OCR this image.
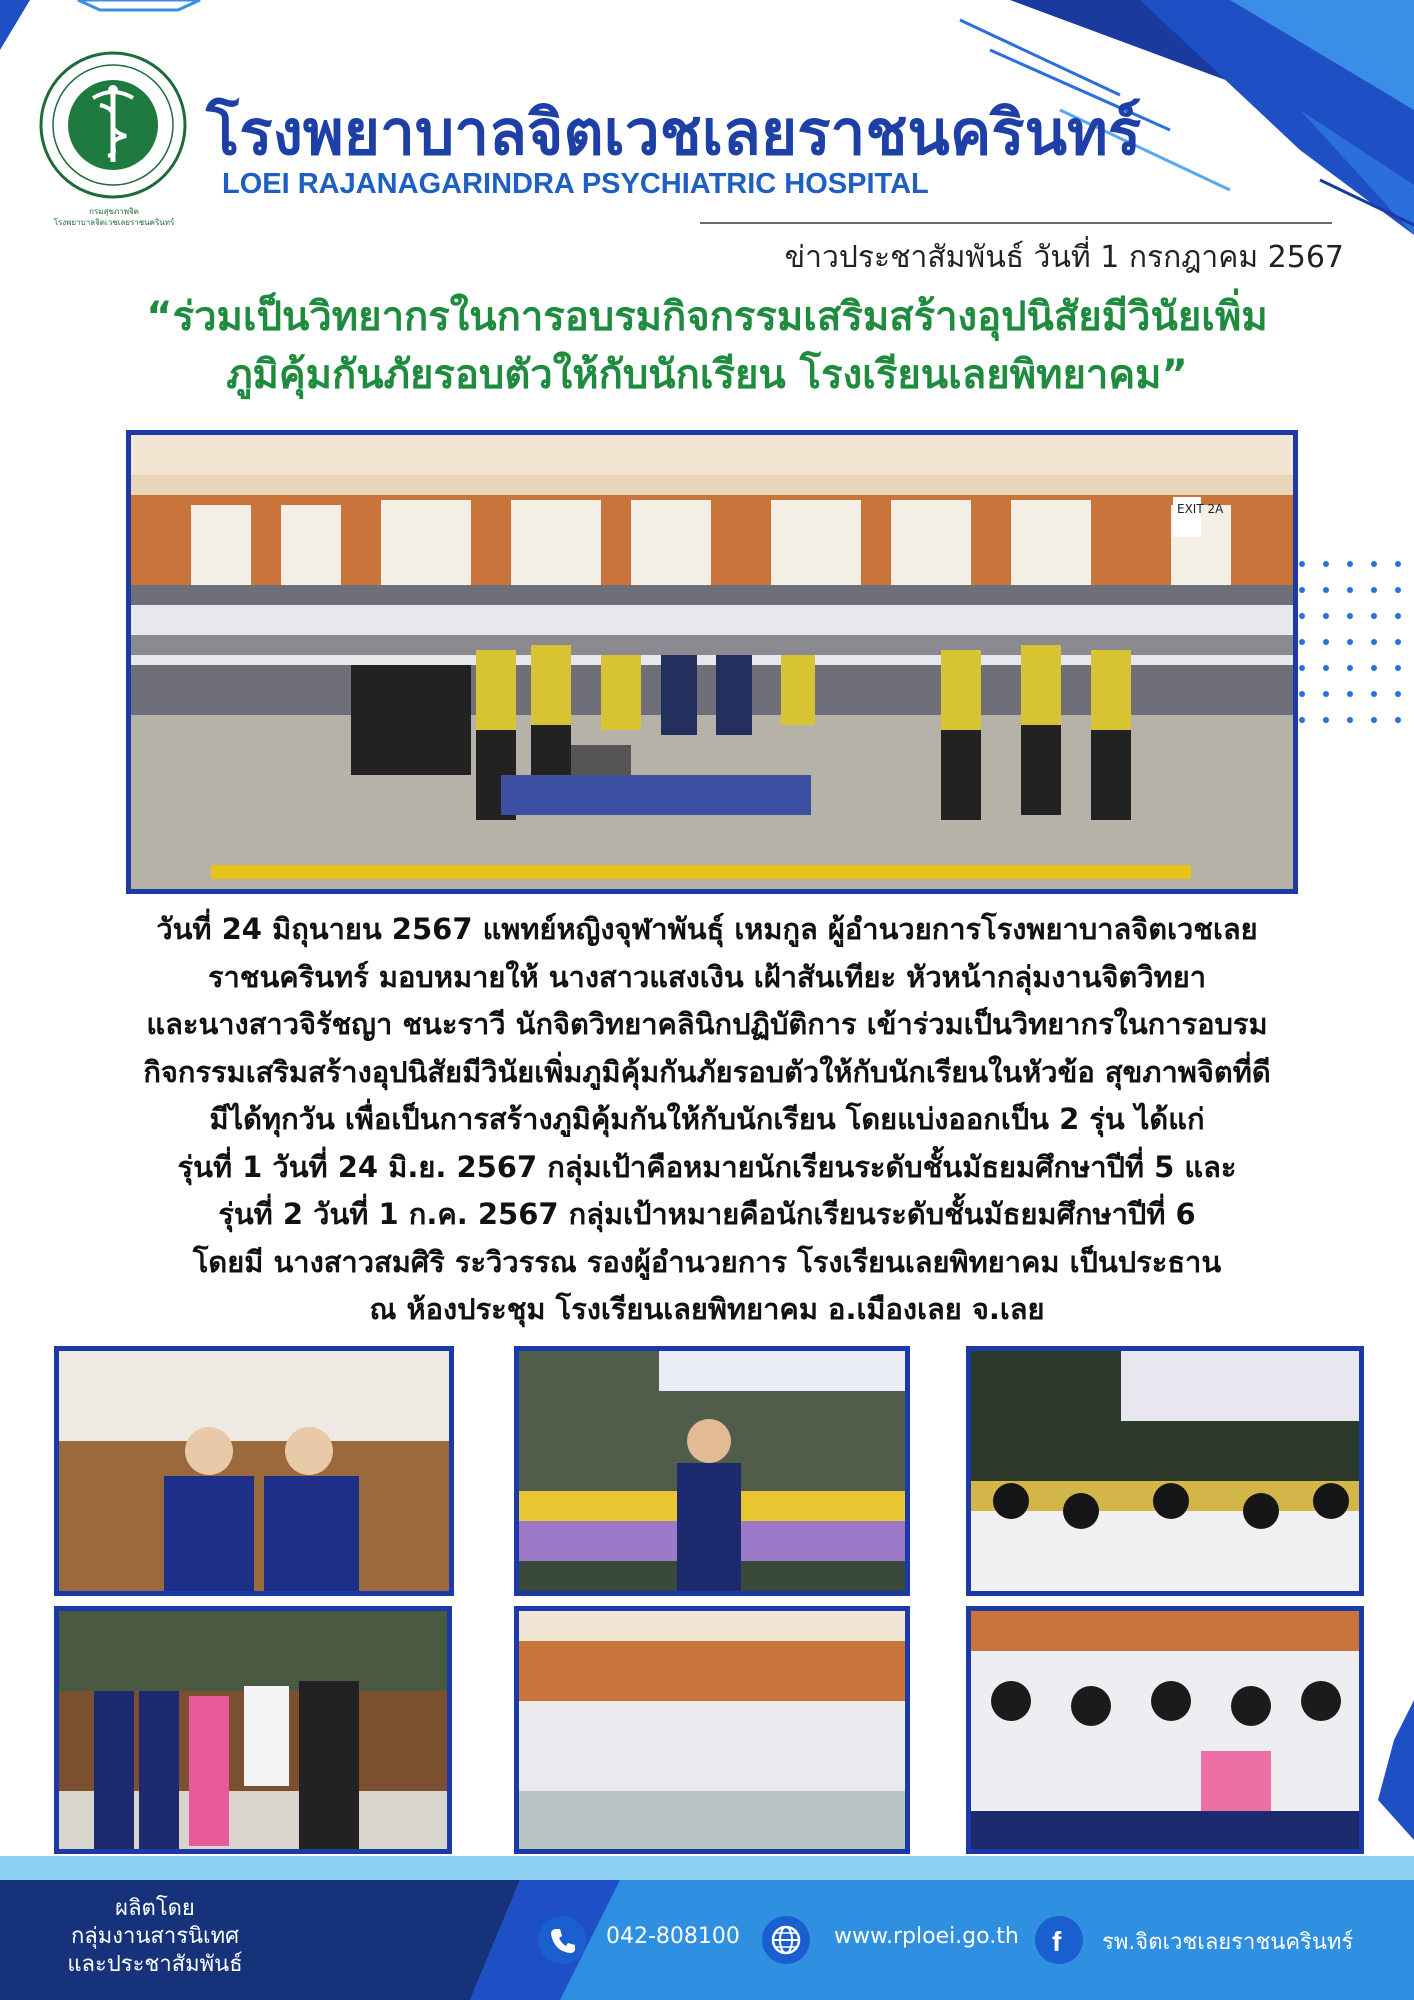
กรมสุขภาพจิต
โรงพยาบาลจิตเวชเลยราชนครินทร์
โรงพยาบาลจิตเวชเลยราชนครินทร์
LOEI RAJANAGARINDRA PSYCHIATRIC HOSPITAL
ข่าวประชาสัมพันธ์ วันที่ 1 กรกฎาคม 2567
“ร่วมเป็นวิทยากรในการอบรมกิจกรรมเสริมสร้างอุปนิสัยมีวินัยเพิ่ม
ภูมิคุ้มกันภัยรอบตัวให้กับนักเรียน โรงเรียนเลยพิทยาคม”
EXIT 2A
วันที่ 24 มิถุนายน 2567 แพทย์หญิงจุฬาพันธุ์ เหมกูล ผู้อำนวยการโรงพยาบาลจิตเวชเลย
ราชนครินทร์ มอบหมายให้ นางสาวแสงเงิน เฝ้าสันเทียะ หัวหน้ากลุ่มงานจิตวิทยา
และนางสาวจิรัชญา ชนะราวี นักจิตวิทยาคลินิกปฏิบัติการ เข้าร่วมเป็นวิทยากรในการอบรม
กิจกรรมเสริมสร้างอุปนิสัยมีวินัยเพิ่มภูมิคุ้มกันภัยรอบตัวให้กับนักเรียนในหัวข้อ สุขภาพจิตที่ดี
มีได้ทุกวัน เพื่อเป็นการสร้างภูมิคุ้มกันให้กับนักเรียน โดยแบ่งออกเป็น 2 รุ่น ได้แก่
รุ่นที่ 1 วันที่ 24 มิ.ย. 2567 กลุ่มเป้าคือหมายนักเรียนระดับชั้นมัธยมศึกษาปีที่ 5 และ
รุ่นที่ 2 วันที่ 1 ก.ค. 2567 กลุ่มเป้าหมายคือนักเรียนระดับชั้นมัธยมศึกษาปีที่ 6
โดยมี นางสาวสมศิริ ระวิวรรณ รองผู้อำนวยการ โรงเรียนเลยพิทยาคม เป็นประธาน
ณ ห้องประชุม โรงเรียนเลยพิทยาคม อ.เมืองเลย จ.เลย
ผลิตโดย
กลุ่มงานสารนิเทศ
และประชาสัมพันธ์
042-808100	www.rploei.go.th f รพ.จิตเวชเลยราชนครินทร์
